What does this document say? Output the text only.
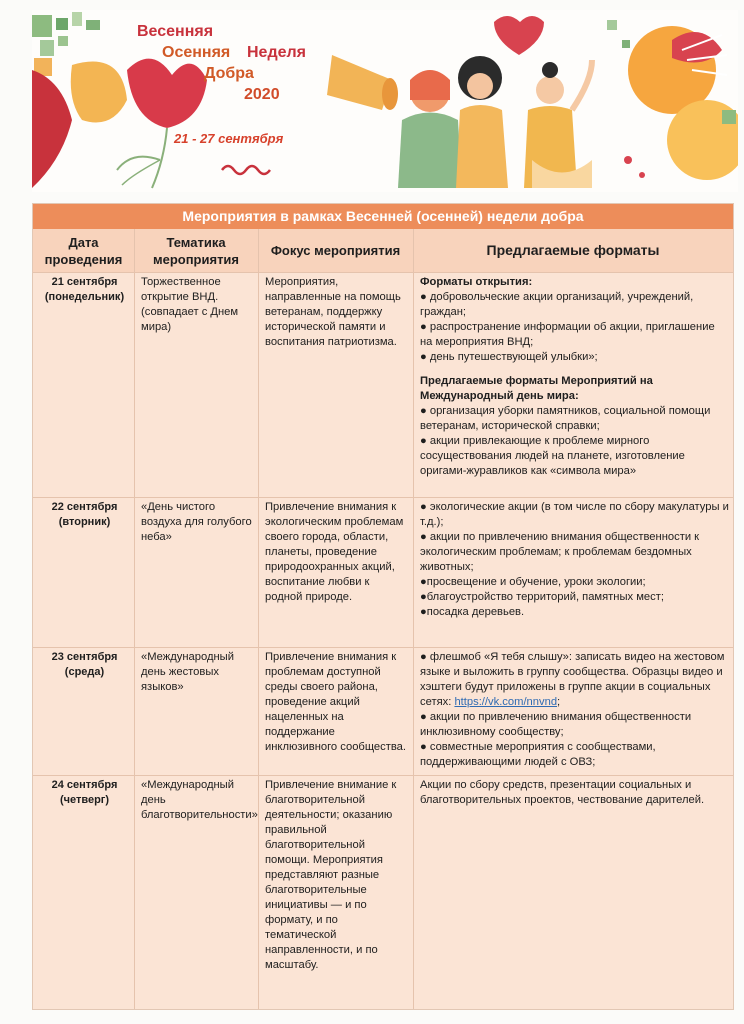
Весенняя
Осенняя Неделя
Добра
2020
21 - 27 сентября
Мероприятия в рамках Весенней (осенней) недели добра
Дата проведения
Тематика мероприятия
Фокус мероприятия	Предлагаемые форматы
21 сентября
(понедельник)
Торжественное открытие ВНД. (совпадает с Днем мира)
Мероприятия, направленные на помощь ветеранам, поддержку исторической памяти и воспитания патриотизма.
Форматы открытия:
● добровольческие акции организаций, учреждений, граждан;
● распространение информации об акции, приглашение на мероприятия ВНД;
● день путешествующей улыбки»;
Предлагаемые форматы Мероприятий на Международный день мира:
● организация уборки памятников, социальной помощи ветеранам, исторической справки;
● акции привлекающие к проблеме мирного сосуществования людей на планете, изготовление оригами-журавликов как «символа мира»
22 сентября
(вторник)
«День чистого воздуха для голубого неба»
Привлечение внимания к экологическим проблемам своего города, области, планеты, проведение природоохранных акций, воспитание любви к родной природе.
● экологические акции (в том числе по сбору макулатуры и т.д.);
● акции по привлечению внимания общественности к экологическим проблемам; к проблемам бездомных животных;
●просвещение и обучение, уроки экологии;
●благоустройство территорий, памятных мест;
●посадка деревьев.
23 сентября
(среда)
«Международный день жестовых языков»
Привлечение внимания к проблемам доступной среды своего района, проведение акций нацеленных на поддержание инклюзивного сообщества.
● флешмоб «Я тебя слышу»: записать видео на жестовом языке и выложить в группу сообщества. Образцы видео и хэштеги будут приложены в группе акции в социальных сетях: https://vk.com/nnvnd;
● акции по привлечению внимания общественности инклюзивному сообществу;
● совместные мероприятия с сообществами, поддерживающими людей с ОВЗ;
24 сентября
(четверг)
«Международный день благотворительности»
Привлечение внимание к благотворительной деятельности; оказанию правильной благотворительной помощи. Мероприятия представляют разные благотворительные инициативы — и по формату, и по тематической направленности, и по масштабу.
Акции по сбору средств, презентации социальных и благотворительных проектов, чествование дарителей.
